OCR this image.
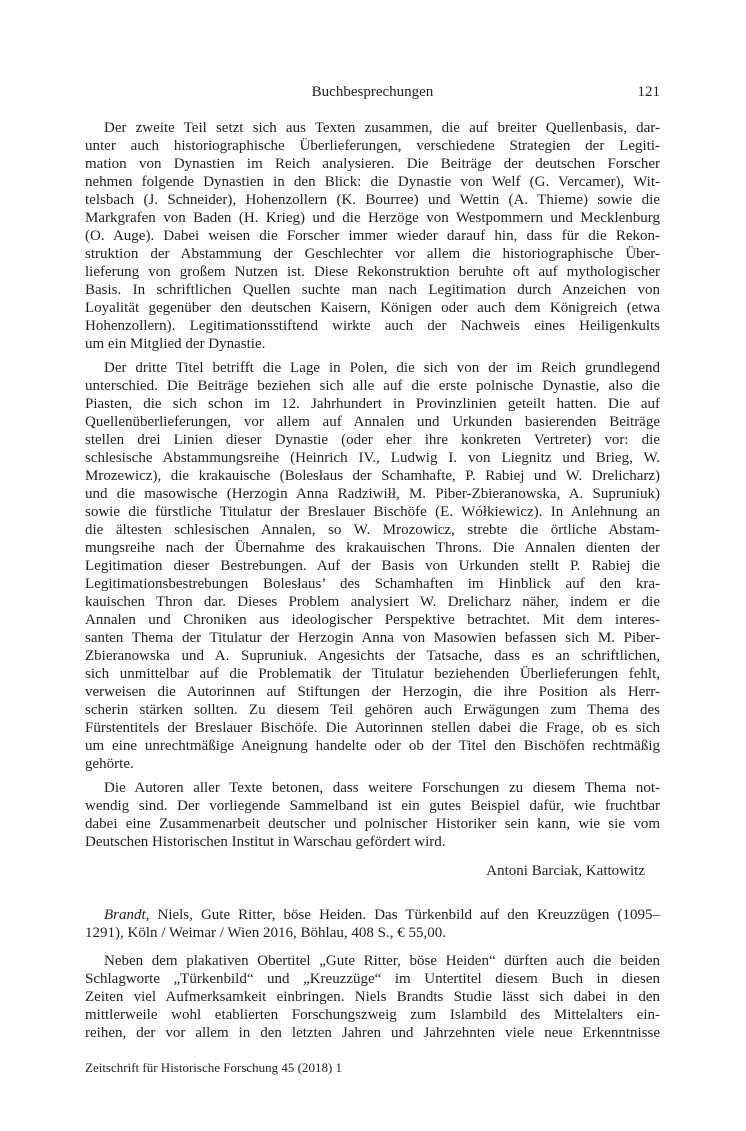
Buchbesprechungen	121
Der zweite Teil setzt sich aus Texten zusammen, die auf breiter Quellenbasis, dar-
unter auch historiographische Überlieferungen, verschiedene Strategien der Legiti-
mation von Dynastien im Reich analysieren. Die Beiträge der deutschen Forscher
nehmen folgende Dynastien in den Blick: die Dynastie von Welf (G. Vercamer), Wit-
telsbach (J. Schneider), Hohenzollern (K. Bourree) und Wettin (A. Thieme) sowie die
Markgrafen von Baden (H. Krieg) und die Herzöge von Westpommern und Mecklenburg
(O. Auge). Dabei weisen die Forscher immer wieder darauf hin, dass für die Rekon-
struktion der Abstammung der Geschlechter vor allem die historiographische Über-
lieferung von großem Nutzen ist. Diese Rekonstruktion beruhte oft auf mythologischer
Basis. In schriftlichen Quellen suchte man nach Legitimation durch Anzeichen von
Loyalität gegenüber den deutschen Kaisern, Königen oder auch dem Königreich (etwa
Hohenzollern). Legitimationsstiftend wirkte auch der Nachweis eines Heiligenkults
um ein Mitglied der Dynastie.
Der dritte Titel betrifft die Lage in Polen, die sich von der im Reich grundlegend
unterschied. Die Beiträge beziehen sich alle auf die erste polnische Dynastie, also die
Piasten, die sich schon im 12. Jahrhundert in Provinzlinien geteilt hatten. Die auf
Quellenüberlieferungen, vor allem auf Annalen und Urkunden basierenden Beiträge
stellen drei Linien dieser Dynastie (oder eher ihre konkreten Vertreter) vor: die
schlesische Abstammungsreihe (Heinrich IV., Ludwig I. von Liegnitz und Brieg, W.
Mrozewicz), die krakauische (Bolesłaus der Schamhafte, P. Rabiej und W. Drelicharz)
und die masowische (Herzogin Anna Radziwiłł, M. Piber-Zbieranowska, A. Supruniuk)
sowie die fürstliche Titulatur der Breslauer Bischöfe (E. Wółkiewicz). In Anlehnung an
die ältesten schlesischen Annalen, so W. Mrozowicz, strebte die örtliche Abstam-
mungsreihe nach der Übernahme des krakauischen Throns. Die Annalen dienten der
Legitimation dieser Bestrebungen. Auf der Basis von Urkunden stellt P. Rabiej die
Legitimationsbestrebungen Bolesłaus’ des Schamhaften im Hinblick auf den kra-
kauischen Thron dar. Dieses Problem analysiert W. Drelicharz näher, indem er die
Annalen und Chroniken aus ideologischer Perspektive betrachtet. Mit dem interes-
santen Thema der Titulatur der Herzogin Anna von Masowien befassen sich M. Piber-
Zbieranowska und A. Supruniuk. Angesichts der Tatsache, dass es an schriftlichen,
sich unmittelbar auf die Problematik der Titulatur beziehenden Überlieferungen fehlt,
verweisen die Autorinnen auf Stiftungen der Herzogin, die ihre Position als Herr-
scherin stärken sollten. Zu diesem Teil gehören auch Erwägungen zum Thema des
Fürstentitels der Breslauer Bischöfe. Die Autorinnen stellen dabei die Frage, ob es sich
um eine unrechtmäßige Aneignung handelte oder ob der Titel den Bischöfen rechtmäßig
gehörte.
Die Autoren aller Texte betonen, dass weitere Forschungen zu diesem Thema not-
wendig sind. Der vorliegende Sammelband ist ein gutes Beispiel dafür, wie fruchtbar
dabei eine Zusammenarbeit deutscher und polnischer Historiker sein kann, wie sie vom
Deutschen Historischen Institut in Warschau gefördert wird.
Antoni Barciak, Kattowitz
Brandt, Niels, Gute Ritter, böse Heiden. Das Türkenbild auf den Kreuzzügen (1095–
1291), Köln / Weimar / Wien 2016, Böhlau, 408 S., € 55,00.
Neben dem plakativen Obertitel „Gute Ritter, böse Heiden“ dürften auch die beiden
Schlagworte „Türkenbild“ und „Kreuzzüge“ im Untertitel diesem Buch in diesen
Zeiten viel Aufmerksamkeit einbringen. Niels Brandts Studie lässt sich dabei in den
mittlerweile wohl etablierten Forschungszweig zum Islambild des Mittelalters ein-
reihen, der vor allem in den letzten Jahren und Jahrzehnten viele neue Erkenntnisse
Zeitschrift für Historische Forschung 45 (2018) 1
